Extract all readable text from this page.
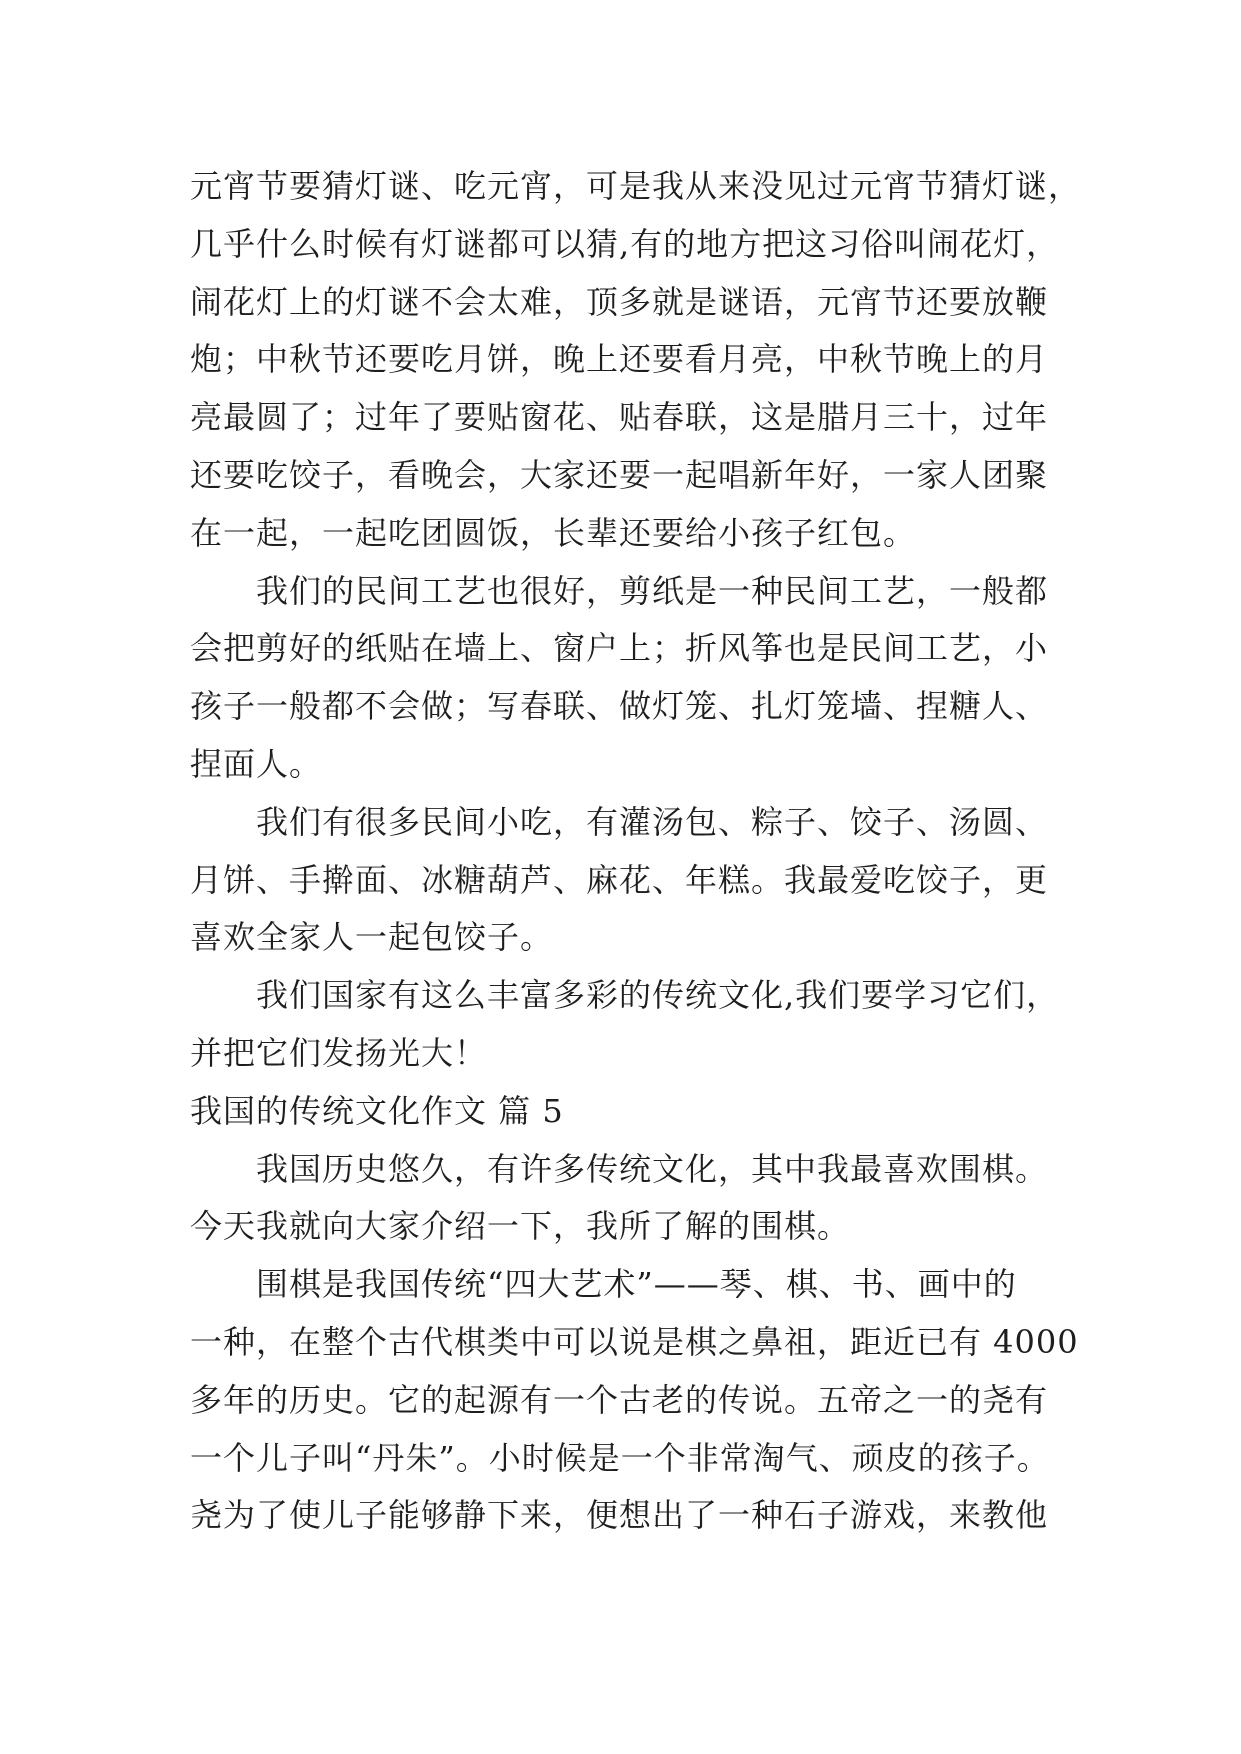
元宵节要猜灯谜、吃元宵，可是我从来没见过元宵节猜灯谜，
几乎什么时候有灯谜都可以猜,有的地方把这习俗叫闹花灯，
闹花灯上的灯谜不会太难，顶多就是谜语，元宵节还要放鞭
炮；中秋节还要吃月饼，晚上还要看月亮，中秋节晚上的月
亮最圆了；过年了要贴窗花、贴春联，这是腊月三十，过年
还要吃饺子，看晚会，大家还要一起唱新年好，一家人团聚
在一起，一起吃团圆饭，长辈还要给小孩子红包。
我们的民间工艺也很好，剪纸是一种民间工艺，一般都
会把剪好的纸贴在墙上、窗户上；折风筝也是民间工艺，小
孩子一般都不会做；写春联、做灯笼、扎灯笼墙、捏糖人、
捏面人。
我们有很多民间小吃，有灌汤包、粽子、饺子、汤圆、
月饼、手擀面、冰糖葫芦、麻花、年糕。我最爱吃饺子，更
喜欢全家人一起包饺子。
我们国家有这么丰富多彩的传统文化,我们要学习它们，
并把它们发扬光大！
我国的传统文化作文 篇 5
我国历史悠久，有许多传统文化，其中我最喜欢围棋。
今天我就向大家介绍一下，我所了解的围棋。
围棋是我国传统“四大艺术”——琴、棋、书、画中的
一种，在整个古代棋类中可以说是棋之鼻祖，距近已有 4000
多年的历史。它的起源有一个古老的传说。五帝之一的尧有
一个儿子叫“丹朱”。小时候是一个非常淘气、顽皮的孩子。
尧为了使儿子能够静下来，便想出了一种石子游戏，来教他
